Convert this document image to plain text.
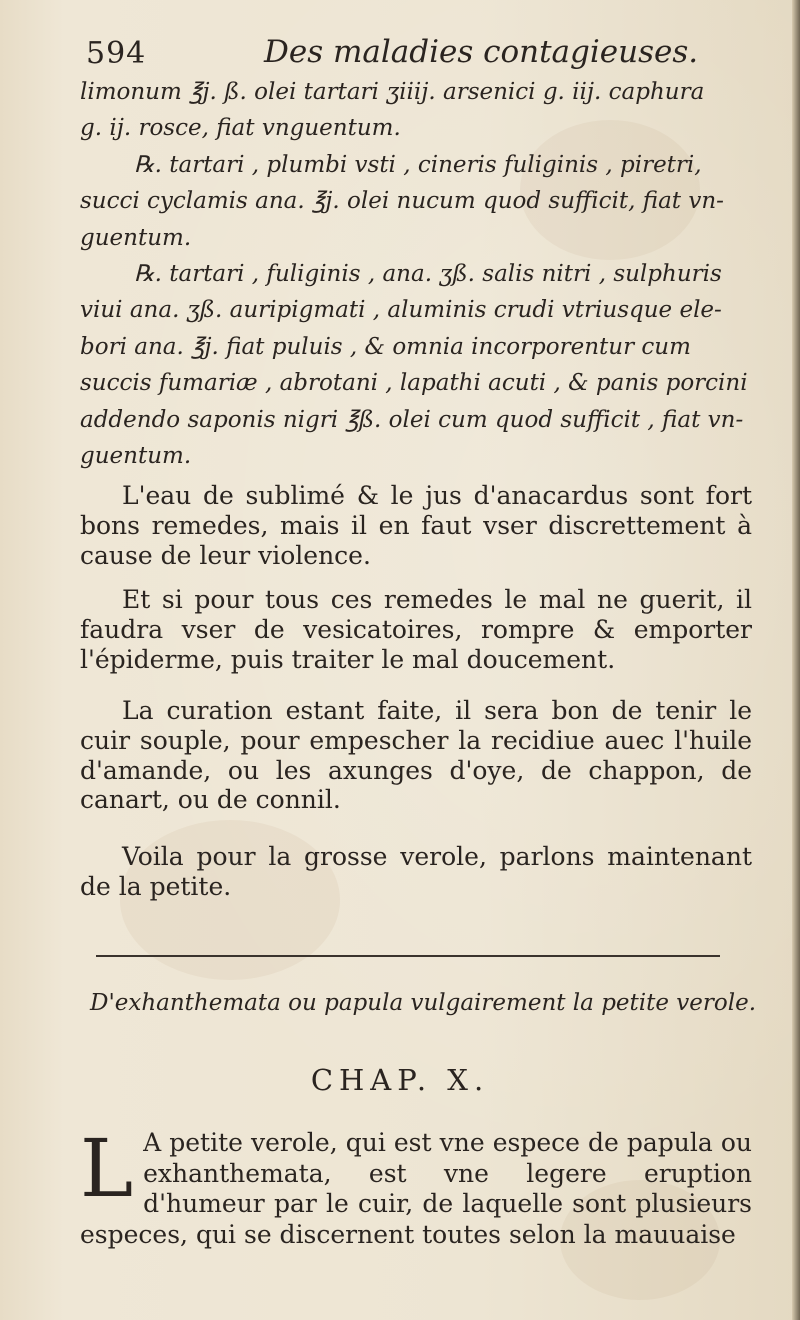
594	Des maladies contagieuses.

limonum ℥j. ß. olei tartari ʒiiij. arsenici g. iij. caphura

g. ij. rosce, fiat vnguentum.

℞. tartari , plumbi vsti , cineris fuliginis , piretri,

succi cyclamis ana. ℥j. olei nucum quod sufficit, fiat vn-

guentum.

℞. tartari , fuliginis , ana. ʒß. salis nitri , sulphuris

viui ana. ʒß. auripigmati , aluminis crudi vtriusque ele-

bori ana. ℥j. fiat puluis , & omnia incorporentur cum

succis fumariæ , abrotani , lapathi acuti , & panis porcini

addendo saponis nigri ℥ß. olei cum quod sufficit , fiat vn-

guentum.

L'eau de sublimé & le jus d'anacardus sont fort bons remedes, mais il en faut vser discrettement à cause de leur violence.

Et si pour tous ces remedes le mal ne guerit, il faudra vser de vesicatoires, rompre & emporter l'épiderme, puis traiter le mal doucement.

La curation estant faite, il sera bon de tenir le cuir souple, pour empescher la recidiue auec l'huile d'amande, ou les axunges d'oye, de chappon, de canart, ou de connil.

Voila pour la grosse verole, parlons maintenant de la petite.

D'exhanthemata ou papula vulgairement la petite verole.
CHAP. X.
L A petite verole, qui est vne espece de papula ou exhanthemata, est vne legere eruption d'humeur par le cuir, de laquelle sont plusieurs especes, qui se discernent toutes selon la mauuaise
